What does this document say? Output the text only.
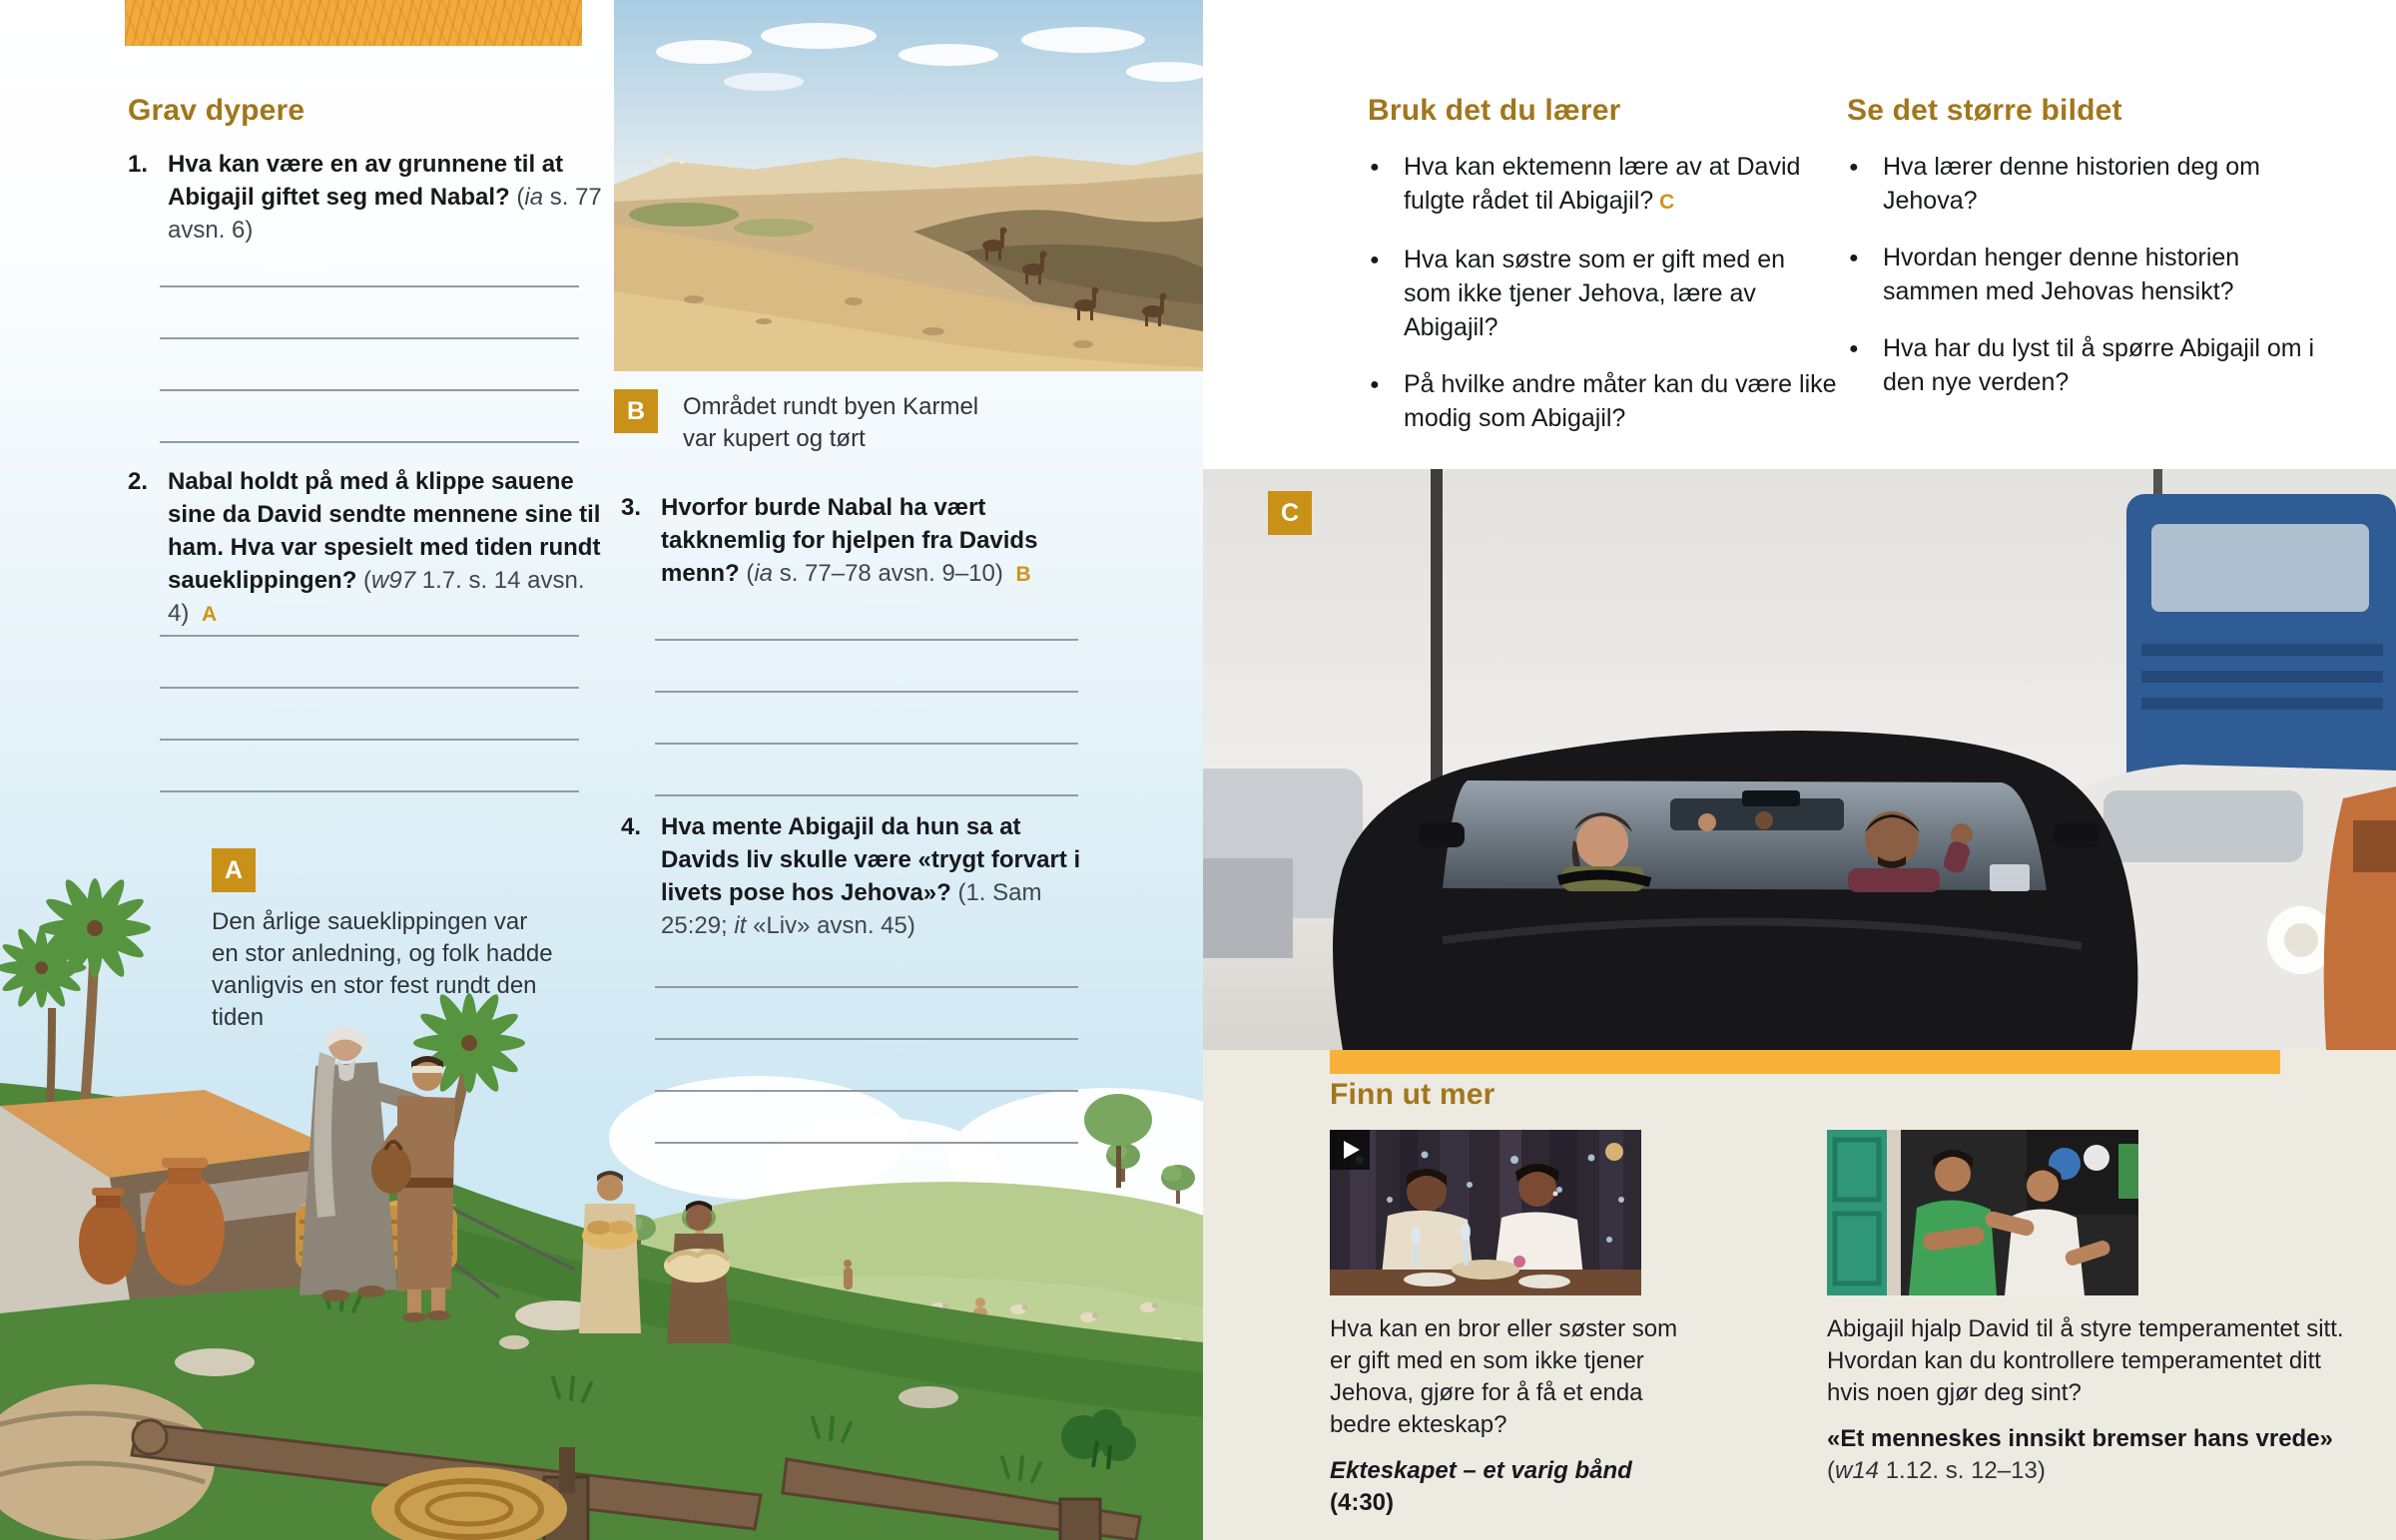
Grav dypere
1. Hva kan være en av grunnene til at Abigajil giftet seg med Nabal? (ia s. 77 avsn. 6)
2. Nabal holdt på med å klippe sauene sine da David sendte mennene sine til ham. Hva var spesielt med tiden rundt saueklippingen? (w97 1.7. s. 14 avsn. 4) A
A
Den årlige saueklippingen var en stor anledning, og folk hadde vanligvis en stor fest rundt den tiden
B	Området rundt byen Karmel var kupert og tørt
3. Hvorfor burde Nabal ha vært takknemlig for hjelpen fra Davids menn? (ia s. 77–78 avsn. 9–10) B
4. Hva mente Abigajil da hun sa at Davids liv skulle være «trygt forvart i livets pose hos Jehova»? (1. Sam 25:29; it «Liv» avsn. 45)
Bruk det du lærer
● Hva kan ektemenn lære av at David fulgte rådet til Abigajil? C
● Hva kan søstre som er gift med en som ikke tjener Jehova, lære av Abigajil?
● På hvilke andre måter kan du være like modig som Abigajil?
Se det større bildet
● Hva lærer denne historien deg om Jehova?
● Hvordan henger denne historien sammen med Jehovas hensikt?
● Hva har du lyst til å spørre Abigajil om i den nye verden?
C
Finn ut mer
Hva kan en bror eller søster som er gift med en som ikke tjener Jehova, gjøre for å få et enda bedre ekteskap?
Ekteskapet – et varig bånd (4:30)
Abigajil hjalp David til å styre temperamentet sitt. Hvordan kan du kontrollere temperamentet ditt hvis noen gjør deg sint?
«Et menneskes innsikt bremser hans vrede»
(w14 1.12. s. 12–13)
